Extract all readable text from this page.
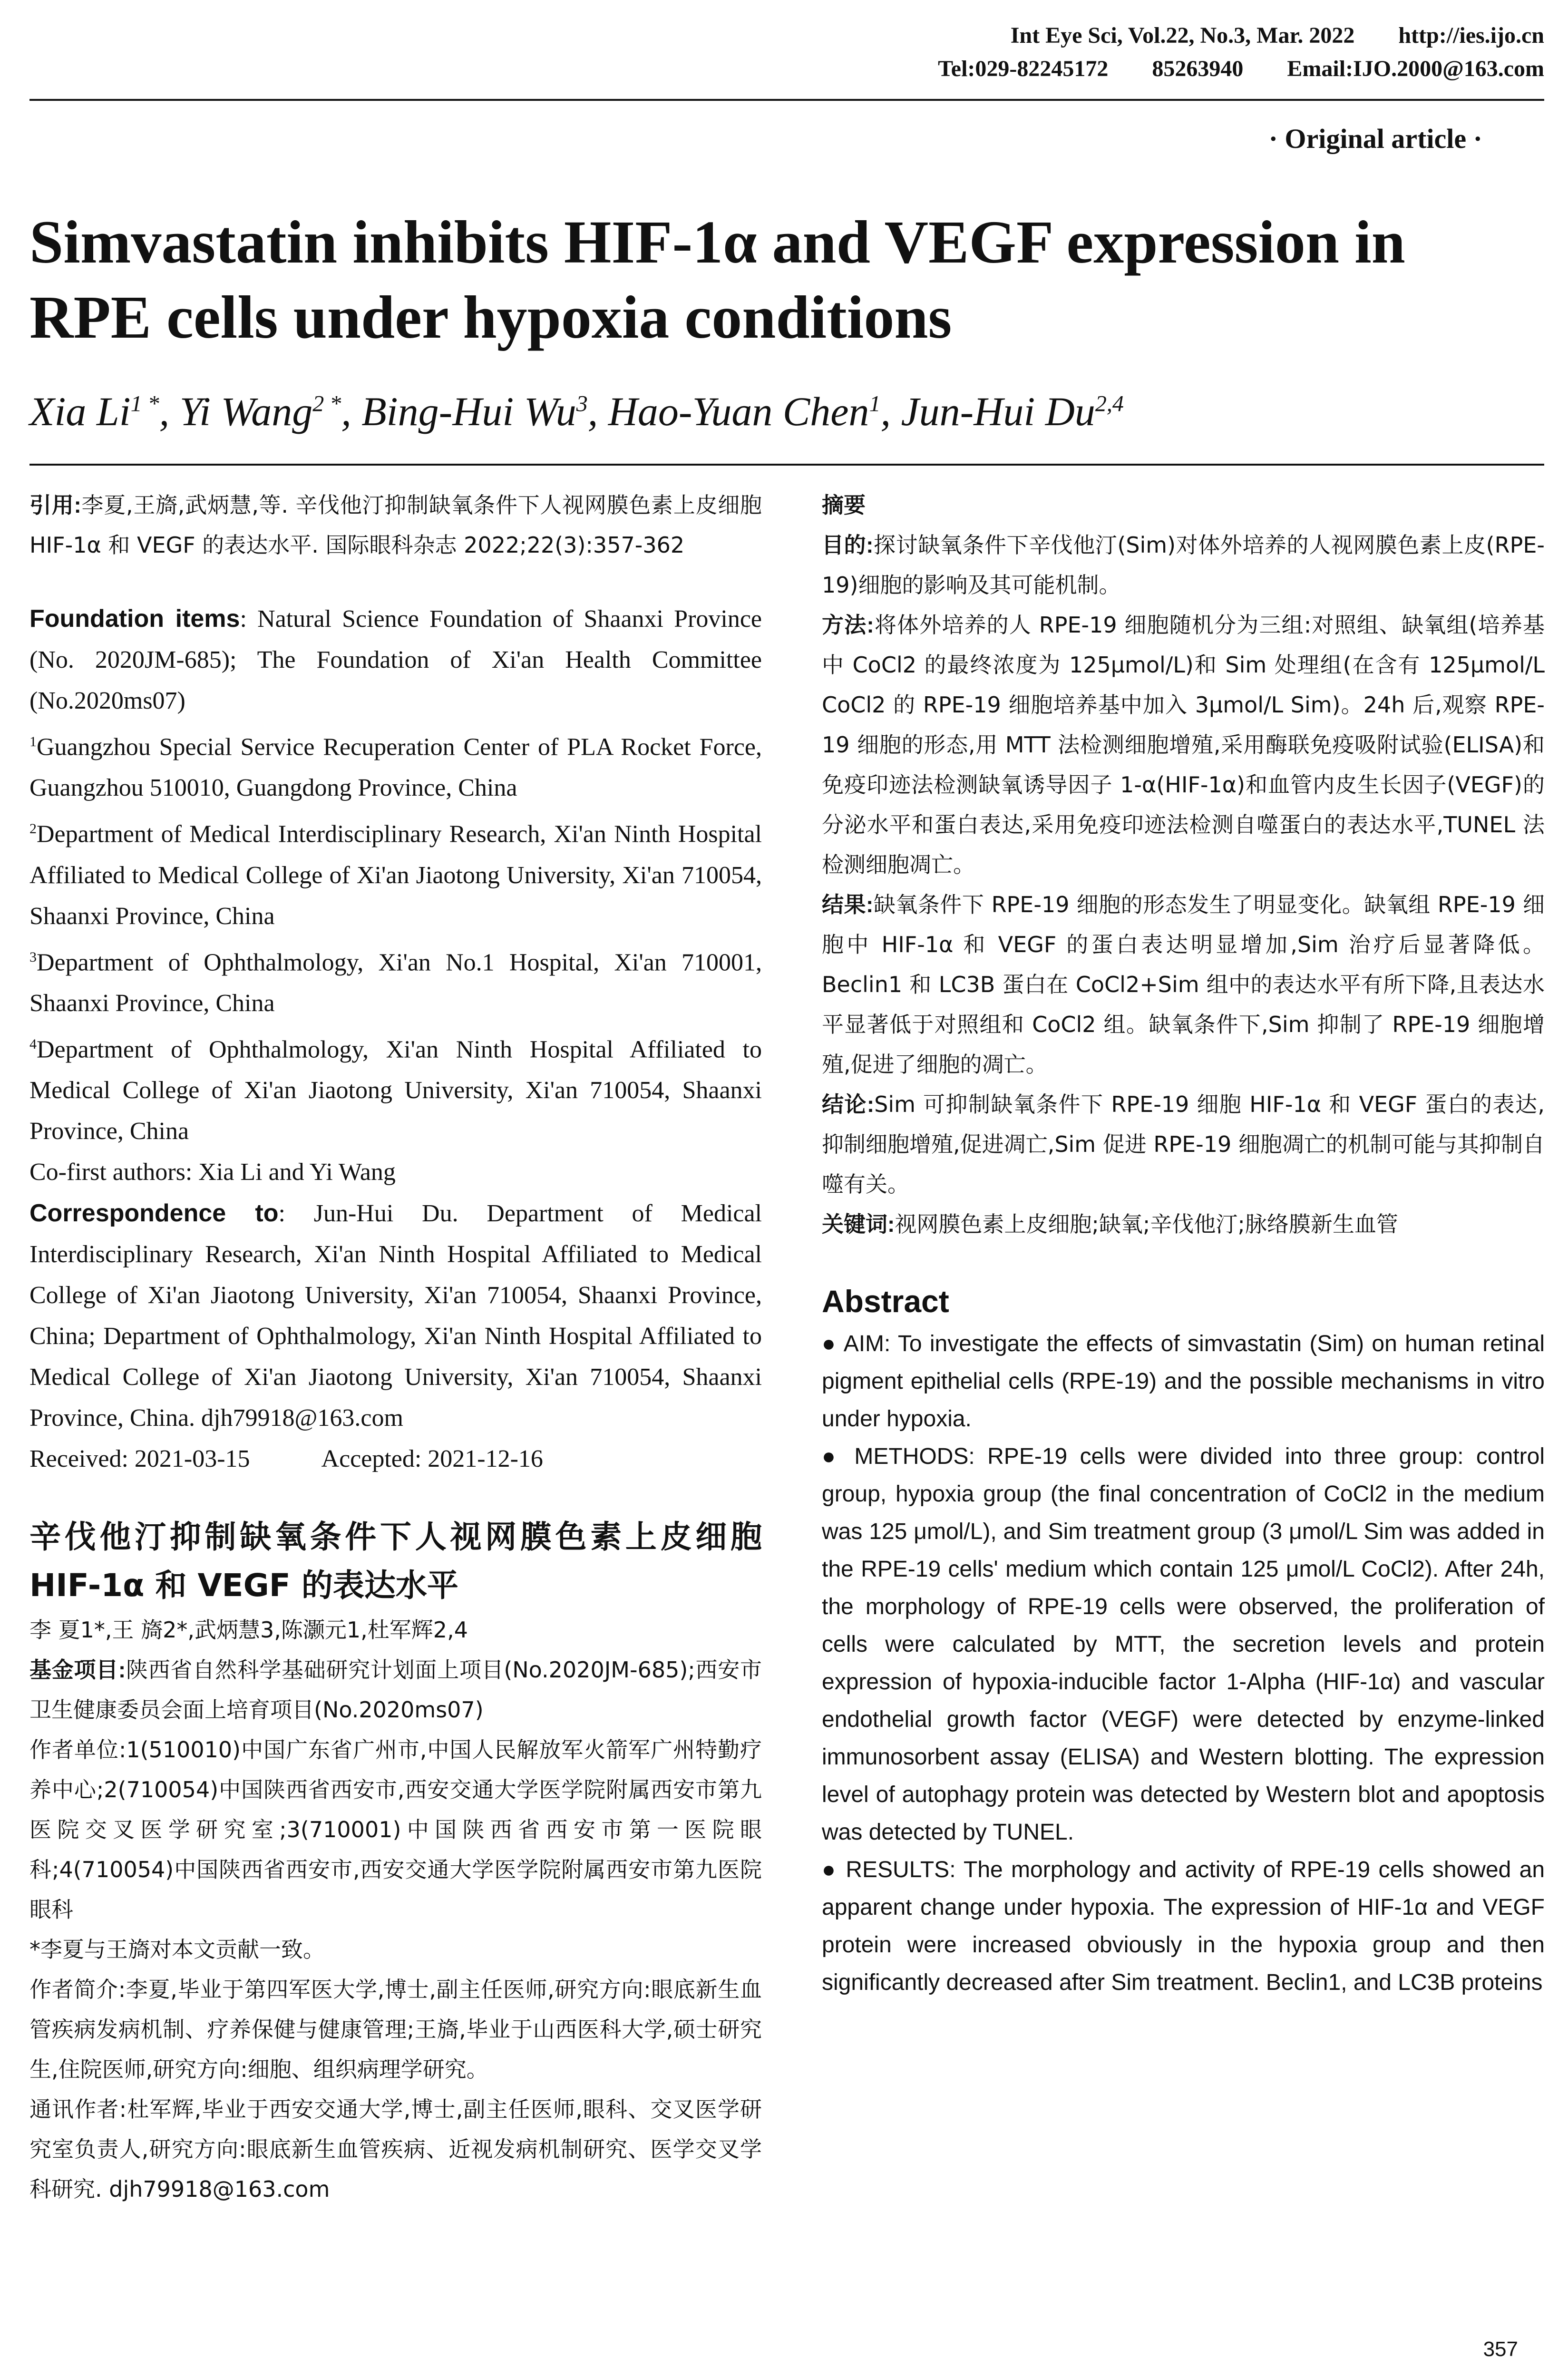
Int Eye Sci, Vol.22, No.3, Mar. 2022 http://ies.ijo.cn
Tel:029-82245172 85263940 Email:IJO.2000@163.com
· Original article ·
Simvastatin inhibits HIF-1α and VEGF expression in RPE cells under hypoxia conditions
Xia $Li^{1 *}$, Yi Wang$^{2 *}$, Bing-Hui Wu$^3$, Hao-Yuan Chen$^1$, Jun-Hui Du$^{2,4}$

引用:李夏,王旖,武炳慧,等. 辛伐他汀抑制缺氧条件下人视网膜色素上皮细胞 HIF-1α 和 VEGF 的表达水平. 国际眼科杂志 2022;22(3):357-362

Foundation items: Natural Science Foundation of Shaanxi Province (No. 2020JM-685); The Foundation of Xi'an Health Committee (No.2020ms07)

$^1$Guangzhou Special Service Recuperation Center of PLA Rocket Force, Guangzhou 510010, Guangdong Province, China

$^2$Department of Medical Interdisciplinary Research, Xi'an Ninth Hospital Affiliated to Medical College of Xi'an Jiaotong University, Xi'an 710054, Shaanxi Province, China

$^3$Department of Ophthalmology, Xi'an No.1 Hospital, Xi'an 710001, Shaanxi Province, China

$^4$Department of Ophthalmology, Xi'an Ninth Hospital Affiliated to Medical College of Xi'an Jiaotong University, Xi'an 710054, Shaanxi Province, China

Co-first authors: Xia Li and Yi Wang

Correspondence to: Jun-Hui Du. Department of Medical Interdisciplinary Research, Xi'an Ninth Hospital Affiliated to Medical College of Xi'an Jiaotong University, Xi'an 710054, Shaanxi Province, China; Department of Ophthalmology, Xi'an Ninth Hospital Affiliated to Medical College of Xi'an Jiaotong University, Xi'an 710054, Shaanxi Province, China. djh79918@163.com

Received: 2021-03-15	Accepted: 2021-12-16

辛伐他汀抑制缺氧条件下人视网膜色素上皮细胞 HIF-1α 和 VEGF 的表达水平

李 夏1*,王 旖2*,武炳慧3,陈灏元1,杜军辉2,4

基金项目:陕西省自然科学基础研究计划面上项目(No.2020JM-685);西安市卫生健康委员会面上培育项目(No.2020ms07)

作者单位:1(510010)中国广东省广州市,中国人民解放军火箭军广州特勤疗养中心;2(710054)中国陕西省西安市,西安交通大学医学院附属西安市第九医院交叉医学研究室;3(710001)中国陕西省西安市第一医院眼科;4(710054)中国陕西省西安市,西安交通大学医学院附属西安市第九医院眼科

*李夏与王旖对本文贡献一致。

作者简介:李夏,毕业于第四军医大学,博士,副主任医师,研究方向:眼底新生血管疾病发病机制、疗养保健与健康管理;王旖,毕业于山西医科大学,硕士研究生,住院医师,研究方向:细胞、组织病理学研究。

通讯作者:杜军辉,毕业于西安交通大学,博士,副主任医师,眼科、交叉医学研究室负责人,研究方向:眼底新生血管疾病、近视发病机制研究、医学交叉学科研究. djh79918@163.com

摘要

目的:探讨缺氧条件下辛伐他汀(Sim)对体外培养的人视网膜色素上皮(RPE-19)细胞的影响及其可能机制。

方法:将体外培养的人 RPE-19 细胞随机分为三组:对照组、缺氧组(培养基中 CoCl2 的最终浓度为 125μmol/L)和 Sim 处理组(在含有 125μmol/L CoCl2 的 RPE-19 细胞培养基中加入 3μmol/L Sim)。24h 后,观察 RPE-19 细胞的形态,用 MTT 法检测细胞增殖,采用酶联免疫吸附试验(ELISA)和免疫印迹法检测缺氧诱导因子 1-α(HIF-1α)和血管内皮生长因子(VEGF)的分泌水平和蛋白表达,采用免疫印迹法检测自噬蛋白的表达水平,TUNEL 法检测细胞凋亡。

结果:缺氧条件下 RPE-19 细胞的形态发生了明显变化。缺氧组 RPE-19 细胞中 HIF-1α 和 VEGF 的蛋白表达明显增加,Sim 治疗后显著降低。Beclin1 和 LC3B 蛋白在 CoCl2+Sim 组中的表达水平有所下降,且表达水平显著低于对照组和 CoCl2 组。缺氧条件下,Sim 抑制了 RPE-19 细胞增殖,促进了细胞的凋亡。

结论:Sim 可抑制缺氧条件下 RPE-19 细胞 HIF-1α 和 VEGF 蛋白的表达,抑制细胞增殖,促进凋亡,Sim 促进 RPE-19 细胞凋亡的机制可能与其抑制自噬有关。

关键词:视网膜色素上皮细胞;缺氧;辛伐他汀;脉络膜新生血管

Abstract

● AIM: To investigate the effects of simvastatin (Sim) on human retinal pigment epithelial cells (RPE-19) and the possible mechanisms in vitro under hypoxia.

● METHODS: RPE-19 cells were divided into three group: control group, hypoxia group (the final concentration of CoCl2 in the medium was 125 μmol/L), and Sim treatment group (3 μmol/L Sim was added in the RPE-19 cells' medium which contain 125 μmol/L CoCl2). After 24h, the morphology of RPE-19 cells were observed, the proliferation of cells were calculated by MTT, the secretion levels and protein expression of hypoxia-inducible factor 1-Alpha (HIF-1α) and vascular endothelial growth factor (VEGF) were detected by enzyme-linked immunosorbent assay (ELISA) and Western blotting. The expression level of autophagy protein was detected by Western blot and apoptosis was detected by TUNEL.

● RESULTS: The morphology and activity of RPE-19 cells showed an apparent change under hypoxia. The expression of HIF-1α and VEGF protein were increased obviously in the hypoxia group and then significantly decreased after Sim treatment. Beclin1, and LC3B proteins

357
